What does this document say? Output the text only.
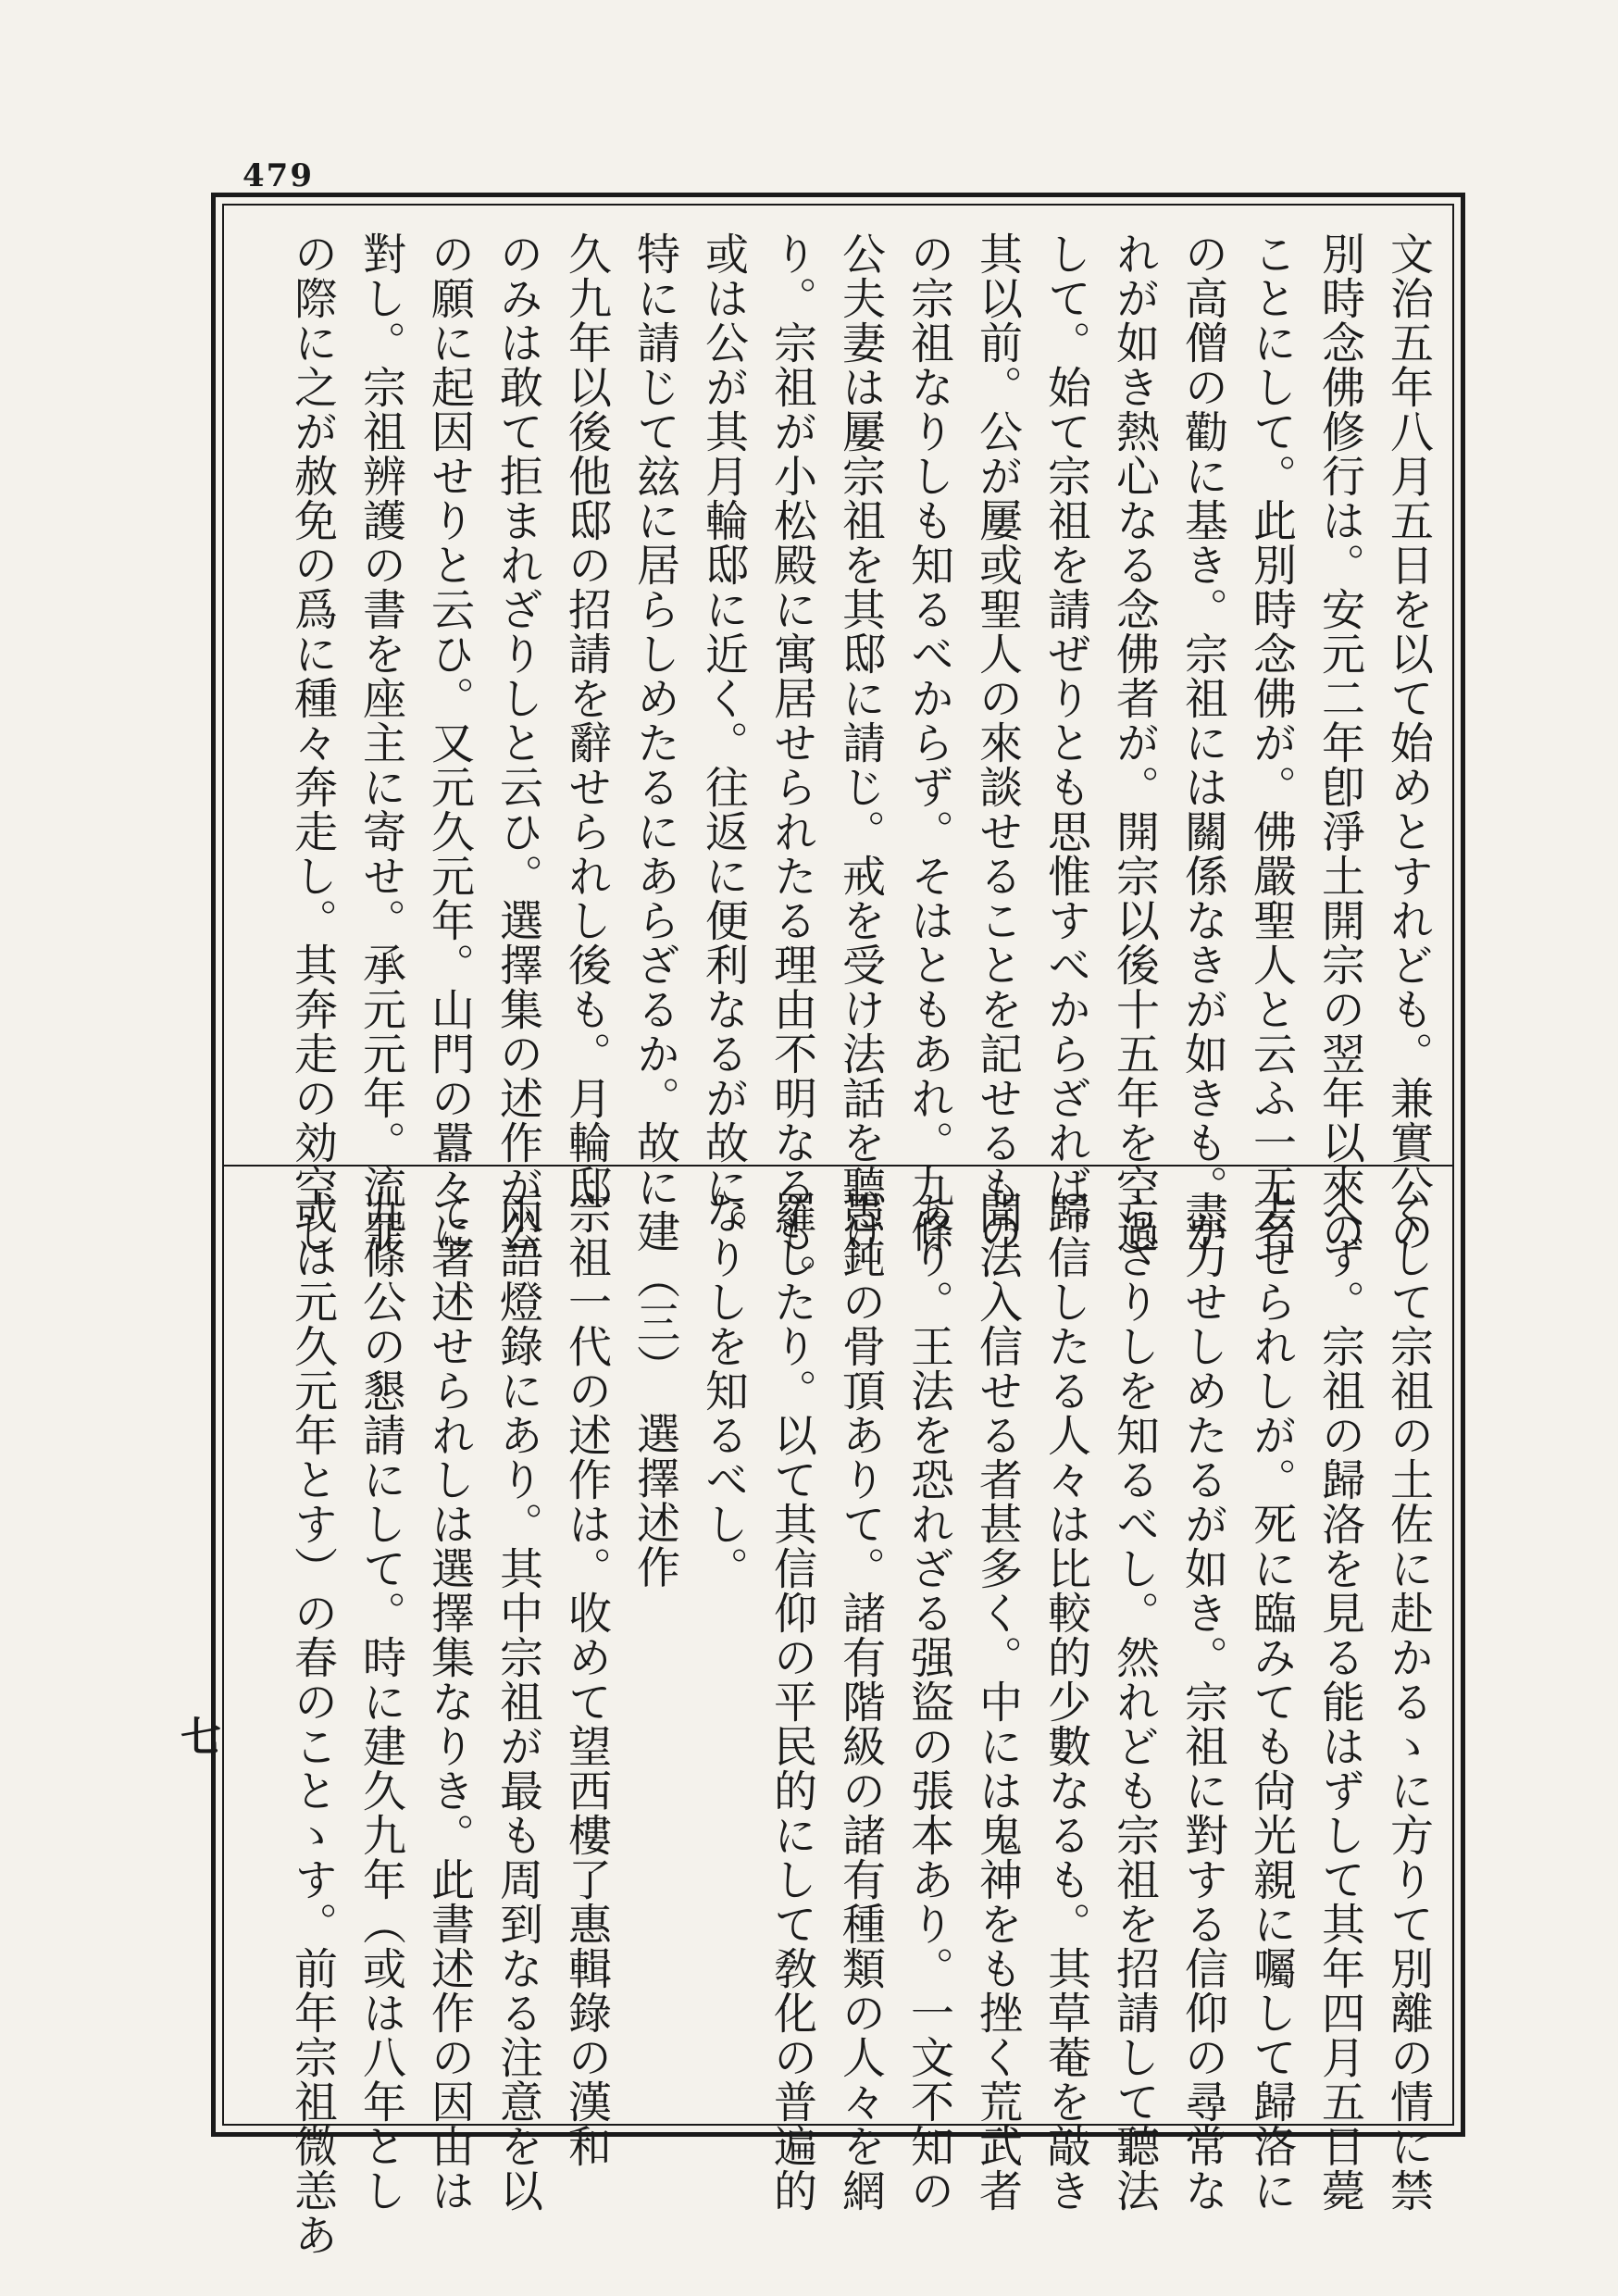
479
文治五年八月五日を以て始めとすれども。兼實公の
別時念佛修行は。安元二年卽淨土開宗の翌年以來の
ことにして。此別時念佛が。佛嚴聖人と云ふ一无名
の高僧の勸に基き。宗祖には關係なきが如きも。か
れが如き熱心なる念佛者が。開宗以後十五年を空過
して。始て宗祖を請ぜりとも思惟すべからざれば。
其以前。公が屢或聖人の來談せることを記せるもの
の宗祖なりしも知るべからず。そはともあれ。九條
公夫妻は屢宗祖を其邸に請じ。戒を受け法話を聽け
り。宗祖が小松殿に寓居せられたる理由不明なるも。
或は公が其月輪邸に近く。往返に便利なるが故に。
特に請じて玆に居らしめたるにあらざるか。故に建
久九年以後他邸の招請を辭せられし後も。月輪邸
のみは敢て拒まれざりしと云ひ。選擇集の述作が公
の願に起因せりと云ひ。又元久元年。山門の囂々に
對し。宗祖辨護の書を座主に寄せ。承元元年。流罪
の際に之が赦免の爲に種々奔走し。其奔走の効空し
くして宗祖の土佐に赴かるゝに方りて別離の情に禁
へず。宗祖の歸洛を見る能はずして其年四月五日薨
去せられしが。死に臨みても尙光親に囑して歸洛に
盡力せしめたるが如き。宗祖に對する信仰の尋常な
らざりしを知るべし。然れども宗祖を招請して聽法
歸信したる人々は比較的少數なるも。其草菴を敲き
聞法入信せる者甚多く。中には鬼神をも挫く荒武者
あり。王法を恐れざる强盜の張本あり。一文不知の
愚鈍の骨頂ありて。諸有階級の諸有種類の人々を網
羅したり。以て其信仰の平民的にして敎化の普遍的
なりしを知るべし。
（三）　選擇述作
宗祖一代の述作は。收めて望西樓了惠輯錄の漢和
兩語燈錄にあり。其中宗祖が最も周到なる注意を以
て著述せられしは選擇集なりき。此書述作の因由は
九條公の懇請にして。時に建久九年（或は八年とし
或は元久元年とす）の春のことゝす。前年宗祖微恙あ
七
